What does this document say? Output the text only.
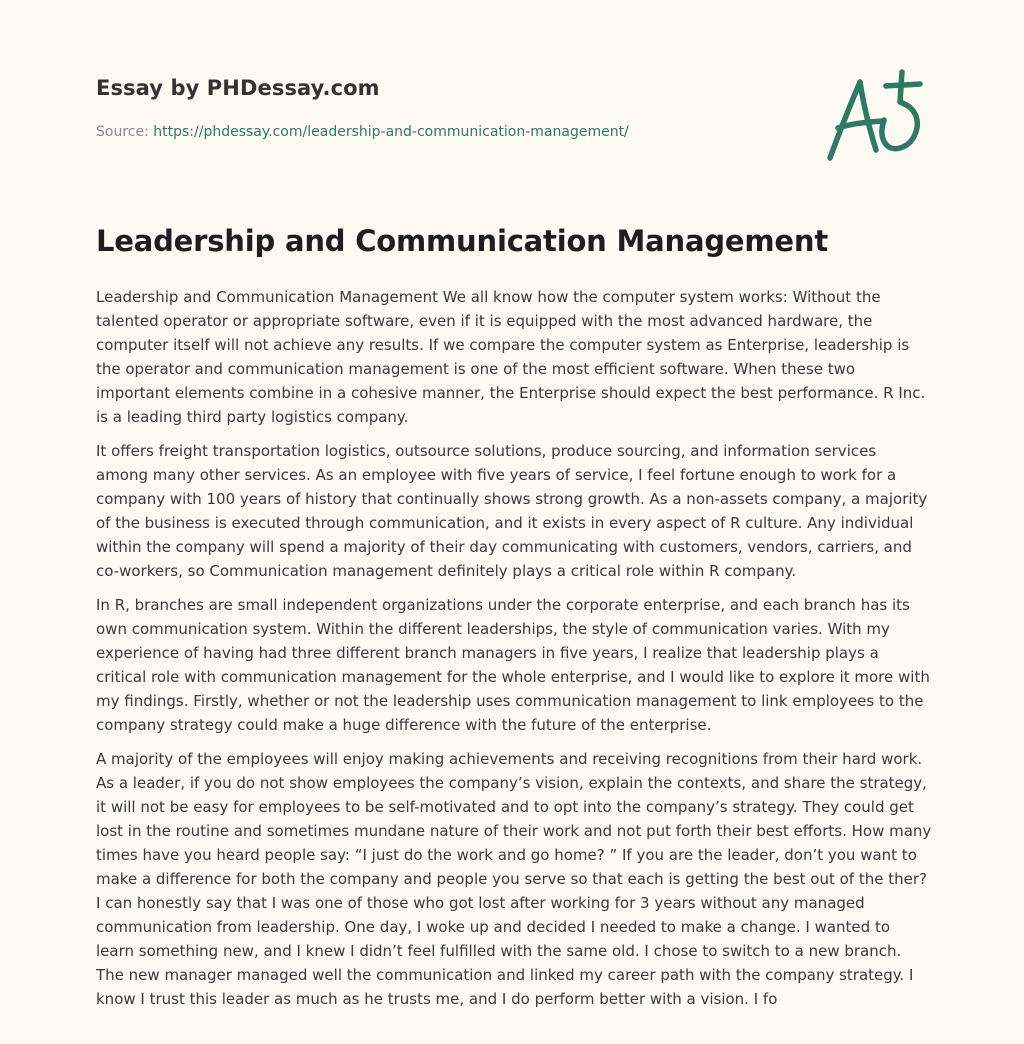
Essay by PHDessay.com
Source: https://phdessay.com/leadership-and-communication-management/
Leadership and Communication Management

Leadership and Communication Management We all know how the computer system works: Without the talented operator or appropriate software, even if it is equipped with the most advanced hardware, the computer itself will not achieve any results. If we compare the computer system as Enterprise, leadership is the operator and communication management is one of the most efficient software. When these two important elements combine in a cohesive manner, the Enterprise should expect the best performance. R Inc. is a leading third party logistics company.

It offers freight transportation logistics, outsource solutions, produce sourcing, and information services among many other services. As an employee with five years of service, I feel fortune enough to work for a company with 100 years of history that continually shows strong growth. As a non-assets company, a majority of the business is executed through communication, and it exists in every aspect of R culture. Any individual within the company will spend a majority of their day communicating with customers, vendors, carriers, and co-workers, so Communication management definitely plays a critical role within R company.

In R, branches are small independent organizations under the corporate enterprise, and each branch has its own communication system. Within the different leaderships, the style of communication varies. With my experience of having had three different branch managers in five years, I realize that leadership plays a critical role with communication management for the whole enterprise, and I would like to explore it more with my findings. Firstly, whether or not the leadership uses communication management to link employees to the company strategy could make a huge difference with the future of the enterprise.

A majority of the employees will enjoy making achievements and receiving recognitions from their hard work. As a leader, if you do not show employees the company’s vision, explain the contexts, and share the strategy, it will not be easy for employees to be self-motivated and to opt into the company’s strategy. They could get lost in the routine and sometimes mundane nature of their work and not put forth their best efforts. How many times have you heard people say: “I just do the work and go home? ” If you are the leader, don’t you want to make a difference for both the company and people you serve so that each is getting the best out of the ther? I can honestly say that I was one of those who got lost after working for 3 years without any managed communication from leadership. One day, I woke up and decided I needed to make a change. I wanted to learn something new, and I knew I didn’t feel fulfilled with the same old. I chose to switch to a new branch. The new manager managed well the communication and linked my career path with the company strategy. I know I trust this leader as much as he trusts me, and I do perform better with a vision. I fo
